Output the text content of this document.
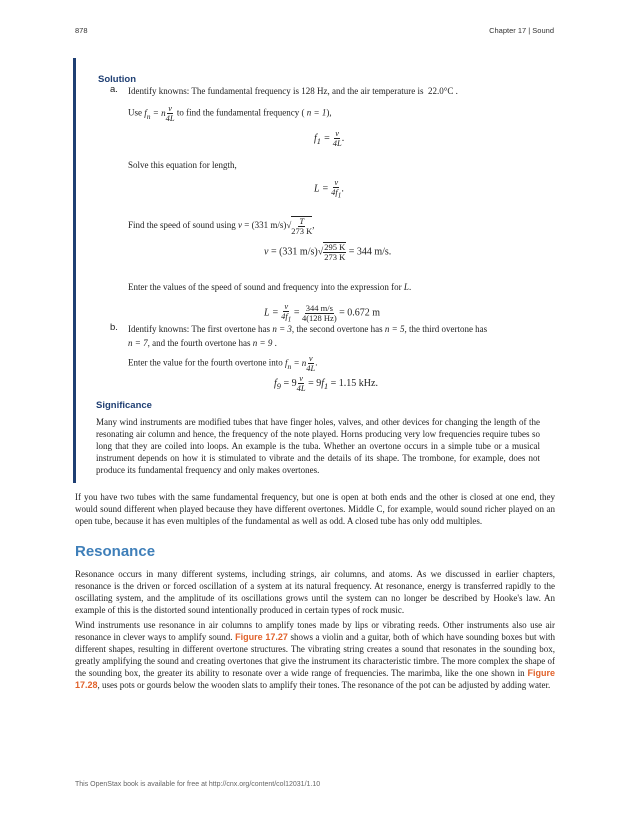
878	Chapter 17 | Sound
Solution
a. Identify knowns: The fundamental frequency is 128 Hz, and the air temperature is 22.0°C .
Use $f_n = n \frac{v}{4L}$ to find the fundamental frequency ( n = 1),
$f_1 = \frac{v}{4L}$ .
Solve this equation for length,
$L = \frac{v}{4f_1}$ .
Find the speed of sound using v = (331 $m/s)√ \frac{T}{273 K}$ ,
v = (331 $m/s)√ \frac{295 K}{273 K} = 344$ m/s.
Enter the values of the speed of sound and frequency into the expression for L.
$L = \frac{v}{4f_1} = \frac{344 m/s}{4(128 Hz)} = 0.672$ m
b. Identify knowns: The first overtone has n = 3, the second overtone has n = 5, the third overtone has
n = 7, and the fourth overtone has n = 9 .
Enter the value for the fourth overtone into $f_n = n \frac{v}{4L}$ .
$f_9 = 9 \frac{v}{4L} = 9f_1 = 1.15$ kHz.
Significance
Many wind instruments are modified tubes that have finger holes, valves, and other devices for changing the length of the resonating air column and hence, the frequency of the note played. Horns producing very low frequencies require tubes so long that they are coiled into loops. An example is the tuba. Whether an overtone occurs in a simple tube or a musical instrument depends on how it is stimulated to vibrate and the details of its shape. The trombone, for example, does not produce its fundamental frequency and only makes overtones.
If you have two tubes with the same fundamental frequency, but one is open at both ends and the other is closed at one end, they would sound different when played because they have different overtones. Middle C, for example, would sound richer played on an open tube, because it has even multiples of the fundamental as well as odd. A closed tube has only odd multiples.
Resonance
Resonance occurs in many different systems, including strings, air columns, and atoms. As we discussed in earlier chapters, resonance is the driven or forced oscillation of a system at its natural frequency. At resonance, energy is transferred rapidly to the oscillating system, and the amplitude of its oscillations grows until the system can no longer be described by Hooke's law. An example of this is the distorted sound intentionally produced in certain types of rock music.
Wind instruments use resonance in air columns to amplify tones made by lips or vibrating reeds. Other instruments also use air resonance in clever ways to amplify sound. Figure 17.27 shows a violin and a guitar, both of which have sounding boxes but with different shapes, resulting in different overtone structures. The vibrating string creates a sound that resonates in the sounding box, greatly amplifying the sound and creating overtones that give the instrument its characteristic timbre. The more complex the shape of the sounding box, the greater its ability to resonate over a wide range of frequencies. The marimba, like the one shown in Figure 17.28, uses pots or gourds below the wooden slats to amplify their tones. The resonance of the pot can be adjusted by adding water.
This OpenStax book is available for free at http://cnx.org/content/col12031/1.10
